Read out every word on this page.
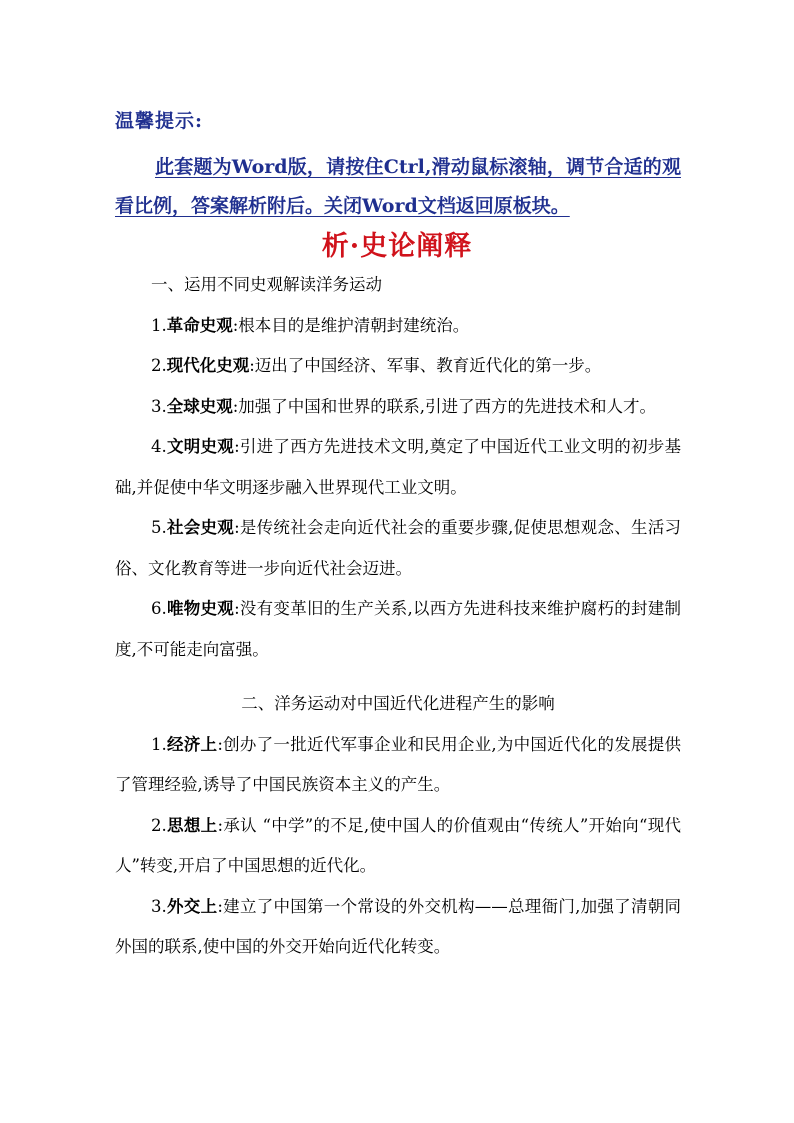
温馨提示:
此套题为Word版，请按住Ctrl,滑动鼠标滚轴，调节合适的观看比例，答案解析附后。关闭Word文档返回原板块。
析·史论阐释

一、运用不同史观解读洋务运动

1.革命史观:根本目的是维护清朝封建统治。

2.现代化史观:迈出了中国经济、军事、教育近代化的第一步。

3.全球史观:加强了中国和世界的联系,引进了西方的先进技术和人才。

4.文明史观:引进了西方先进技术文明,奠定了中国近代工业文明的初步基础,并促使中华文明逐步融入世界现代工业文明。

5.社会史观:是传统社会走向近代社会的重要步骤,促使思想观念、生活习俗、文化教育等进一步向近代社会迈进。

6.唯物史观:没有变革旧的生产关系,以西方先进科技来维护腐朽的封建制度,不可能走向富强。

二、洋务运动对中国近代化进程产生的影响

1.经济上:创办了一批近代军事企业和民用企业,为中国近代化的发展提供了管理经验,诱导了中国民族资本主义的产生。

2.思想上:承认 “中学”的不足,使中国人的价值观由“传统人”开始向“现代人”转变,开启了中国思想的近代化。

3.外交上:建立了中国第一个常设的外交机构——总理衙门,加强了清朝同外国的联系,使中国的外交开始向近代化转变。
